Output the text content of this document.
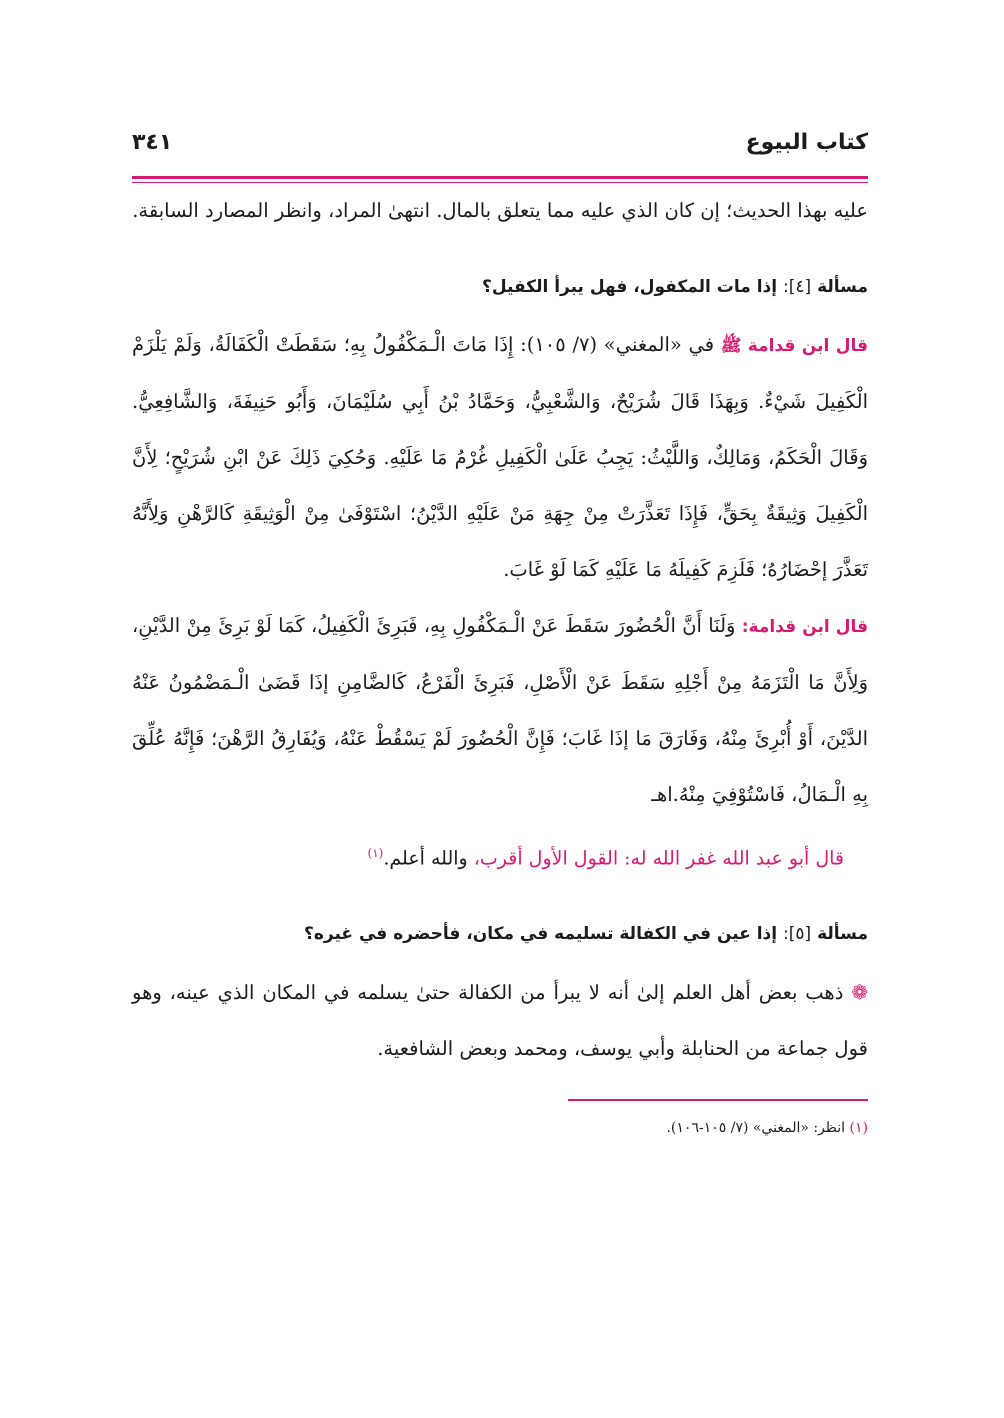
كتاب البيوع
٣٤١

عليه بهذا الحديث؛ إن كان الذي عليه مما يتعلق بالمال. انتهىٰ المراد، وانظر المصارد السابقة.

مسألة [٤]: إذا مات المكفول، فهل يبرأ الكفيل؟

قال ابن قدامة ﷺ في «المغني» (٧/ ١٠٥): إِذَا مَاتَ الْـمَكْفُولُ بِهِ؛ سَقَطَتْ الْكَفَالَةُ، وَلَمْ يَلْزَمْ الْكَفِيلَ شَيْءٌ. وَبِهَذَا قَالَ شُرَيْحٌ، وَالشَّعْبِيُّ، وَحَمَّادُ بْنُ أَبِي سُلَيْمَانَ، وَأَبُو حَنِيفَةَ، وَالشَّافِعِيُّ. وَقَالَ الْحَكَمُ، وَمَالِكٌ، وَاللَّيْثُ: يَجِبُ عَلَىٰ الْكَفِيلِ غُرْمُ مَا عَلَيْهِ. وَحُكِيَ ذَلِكَ عَنْ ابْنِ شُرَيْحٍ؛ لِأَنَّ الْكَفِيلَ وَثِيقَةٌ بِحَقٍّ، فَإِذَا تَعَذَّرَتْ مِنْ جِهَةِ مَنْ عَلَيْهِ الدَّيْنُ؛ اسْتَوْفَىٰ مِنْ الْوَثِيقَةِ كَالرَّهْنِ وَلِأَنَّهُ تَعَذَّرَ إحْضَارُهُ؛ فَلَزِمَ كَفِيلَهُ مَا عَلَيْهِ كَمَا لَوْ غَابَ.

قال ابن قدامة: وَلَنَا أَنَّ الْحُضُورَ سَقَطَ عَنْ الْـمَكْفُولِ بِهِ، فَبَرِئَ الْكَفِيلُ، كَمَا لَوْ بَرِئَ مِنْ الدَّيْنِ، وَلِأَنَّ مَا الْتَزَمَهُ مِنْ أَجْلِهِ سَقَطَ عَنْ الْأَصْلِ، فَبَرِئَ الْفَرْعُ، كَالضَّامِنِ إذَا قَضَىٰ الْـمَضْمُونُ عَنْهُ الدَّيْنَ، أَوْ أُبْرِئَ مِنْهُ، وَفَارَقَ مَا إذَا غَابَ؛ فَإِنَّ الْحُضُورَ لَمْ يَسْقُطْ عَنْهُ، وَيُفَارِقُ الرَّهْنَ؛ فَإِنَّهُ عُلِّقَ بِهِ الْـمَالُ، فَاسْتُوْفِيَ مِنْهُ.اهـ

قال أبو عبد الله غفر الله له: القول الأول أقرب، والله أعلم.$^{(١)}$
مسألة [٥]: إذا عين في الكفالة تسليمه في مكان، فأحضره في غيره؟

❁ ذهب بعض أهل العلم إلىٰ أنه لا يبرأ من الكفالة حتىٰ يسلمه في المكان الذي عينه، وهو قول جماعة من الحنابلة وأبي يوسف، ومحمد وبعض الشافعية.

(١) انظر: «المغني» (٧/ ١٠٥-١٠٦).
